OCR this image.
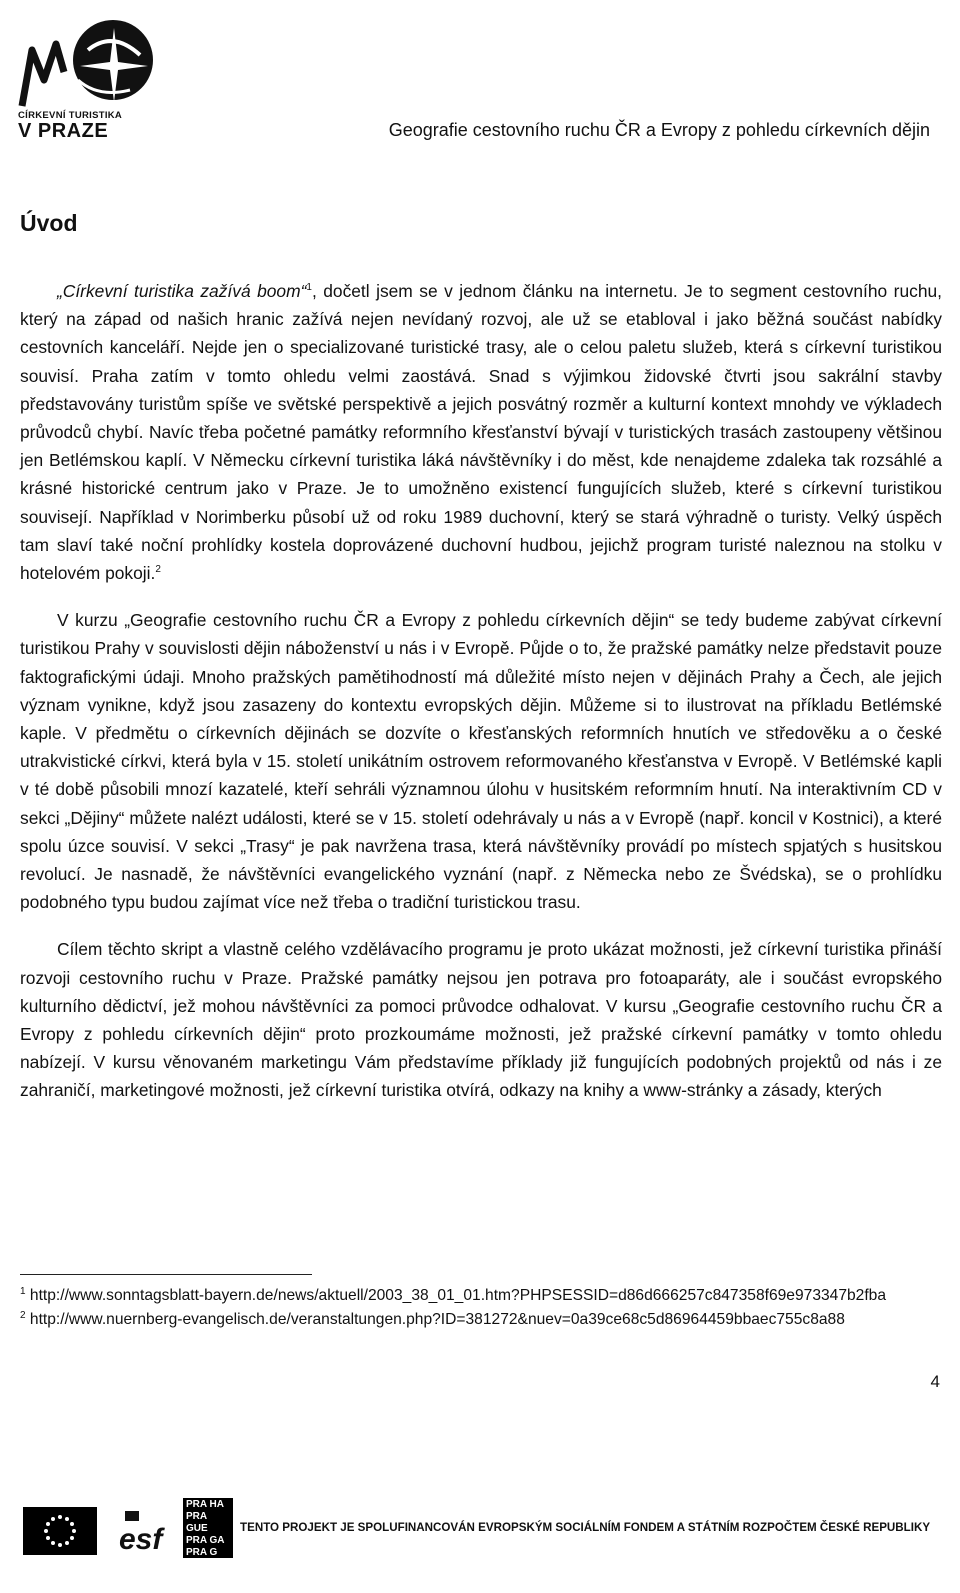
CÍRKEVNÍ TURISTIKA
V PRAZE	Geografie cestovního ruchu ČR a Evropy z pohledu církevních dějin
Úvod

„Církevní turistika zažívá boom“$^1$, dočetl jsem se v jednom článku na internetu. Je to segment cestovního ruchu, který na západ od našich hranic zažívá nejen nevídaný rozvoj, ale už se etabloval i jako běžná součást nabídky cestovních kanceláří. Nejde jen o specializované turistické trasy, ale o celou paletu služeb, která s církevní turistikou souvisí. Praha zatím v tomto ohledu velmi zaostává. Snad s výjimkou židovské čtvrti jsou sakrální stavby představovány turistům spíše ve světské perspektivě a jejich posvátný rozměr a kulturní kontext mnohdy ve výkladech průvodců chybí. Navíc třeba početné památky reformního křesťanství bývají v turistických trasách zastoupeny většinou jen Betlémskou kaplí. V Německu církevní turistika láká návštěvníky i do měst, kde nenajdeme zdaleka tak rozsáhlé a krásné historické centrum jako v Praze. Je to umožněno existencí fungujících služeb, které s církevní turistikou souvisejí. Například v Norimberku působí už od roku 1989 duchovní, který se stará výhradně o turisty. Velký úspěch tam slaví také noční prohlídky kostela doprovázené duchovní hudbou, jejichž program turisté naleznou na stolku v hotelovém pokoji.$^2$

V kurzu „Geografie cestovního ruchu ČR a Evropy z pohledu církevních dějin“ se tedy budeme zabývat církevní turistikou Prahy v souvislosti dějin náboženství u nás i v Evropě. Půjde o to, že pražské památky nelze představit pouze faktografickými údaji. Mnoho pražských pamětihodností má důležité místo nejen v dějinách Prahy a Čech, ale jejich význam vynikne, když jsou zasazeny do kontextu evropských dějin. Můžeme si to ilustrovat na příkladu Betlémské kaple. V předmětu o církevních dějinách se dozvíte o křesťanských reformních hnutích ve středověku a o české utrakvistické církvi, která byla v 15. století unikátním ostrovem reformovaného křesťanstva v Evropě. V Betlémské kapli v té době působili mnozí kazatelé, kteří sehráli významnou úlohu v husitském reformním hnutí. Na interaktivním CD v sekci „Dějiny“ můžete nalézt události, které se v 15. století odehrávaly u nás a v Evropě (např. koncil v Kostnici), a které spolu úzce souvisí. V sekci „Trasy“ je pak navržena trasa, která návštěvníky provádí po místech spjatých s husitskou revolucí. Je nasnadě, že návštěvníci evangelického vyznání (např. z Německa nebo ze Švédska), se o prohlídku podobného typu budou zajímat více než třeba o tradiční turistickou trasu.

Cílem těchto skript a vlastně celého vzdělávacího programu je proto ukázat možnosti, jež církevní turistika přináší rozvoji cestovního ruchu v Praze. Pražské památky nejsou jen potrava pro fotoaparáty, ale i součást evropského kulturního dědictví, jež mohou návštěvníci za pomoci průvodce odhalovat. V kursu „Geografie cestovního ruchu ČR a Evropy z pohledu církevních dějin“ proto prozkoumáme možnosti, jež pražské církevní památky v tomto ohledu nabízejí. V kursu věnovaném marketingu Vám představíme příklady již fungujících podobných projektů od nás i ze zahraničí, marketingové možnosti, jež církevní turistika otvírá, odkazy na knihy a www-stránky a zásady, kterých

$^1$ http://www.sonntagsblatt-bayern.de/news/aktuell/2003_38_01_01.htm?PHPSESSID=d86d666257c847358f69e973347b2fba

$^2$ http://www.nuernberg-evangelisch.de/veranstaltungen.php?ID=381272&nuev=0a39ce68c5d86964459bbaec755c8a88

4
esf
PRA HA
PRA GUE
PRA GA
PRA G
TENTO PROJEKT JE SPOLUFINANCOVÁN EVROPSKÝM SOCIÁLNÍM FONDEM A STÁTNÍM ROZPOČTEM ČESKÉ REPUBLIKY
